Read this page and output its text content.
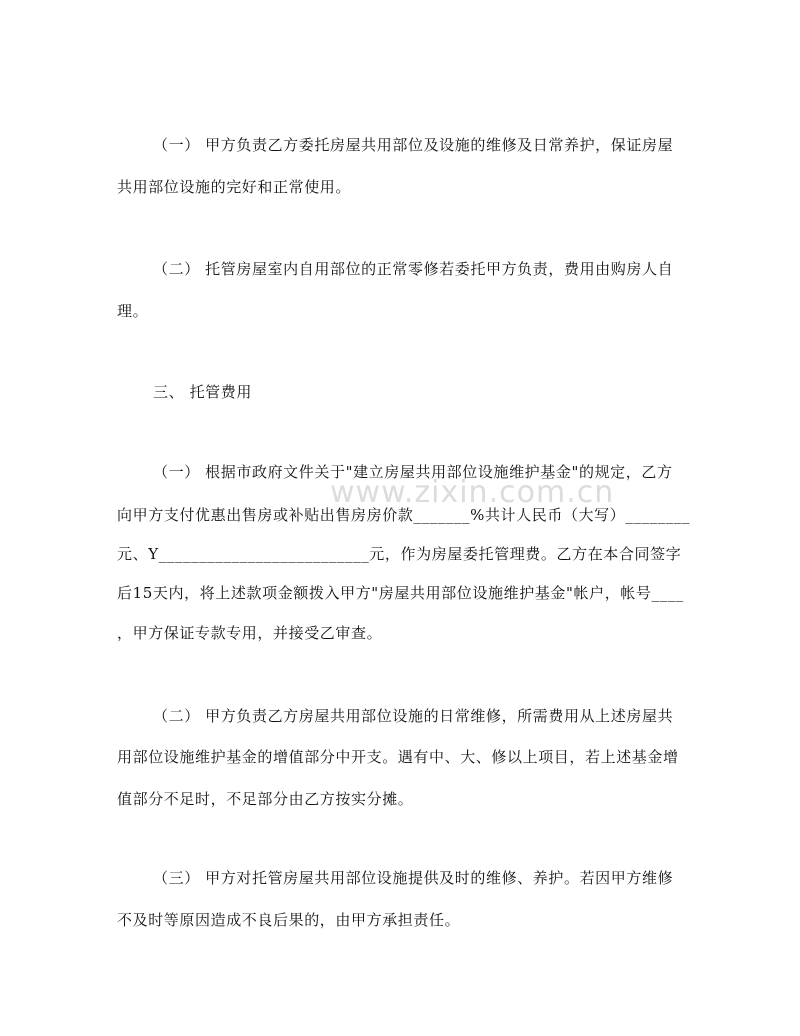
www.zixin.com.cn
（一） 甲方负责乙方委托房屋共用部位及设施的维修及日常养护，保证房屋
共用部位设施的完好和正常使用。
（二） 托管房屋室内自用部位的正常零修若委托甲方负责，费用由购房人自
理。
三、 托管费用
（一） 根据市政府文件关于"建立房屋共用部位设施维护基金"的规定，乙方
向甲方支付优惠出售房或补贴出售房房价款_______%共计人民币（大写）________
元、Y__________________________元，作为房屋委托管理费。乙方在本合同签字
后15天内，将上述款项金额拨入甲方"房屋共用部位设施维护基金"帐户，帐号____
，甲方保证专款专用，并接受乙审查。
（二） 甲方负责乙方房屋共用部位设施的日常维修，所需费用从上述房屋共
用部位设施维护基金的增值部分中开支。遇有中、大、修以上项目，若上述基金增
值部分不足时，不足部分由乙方按实分摊。
（三） 甲方对托管房屋共用部位设施提供及时的维修、养护。若因甲方维修
不及时等原因造成不良后果的，由甲方承担责任。
